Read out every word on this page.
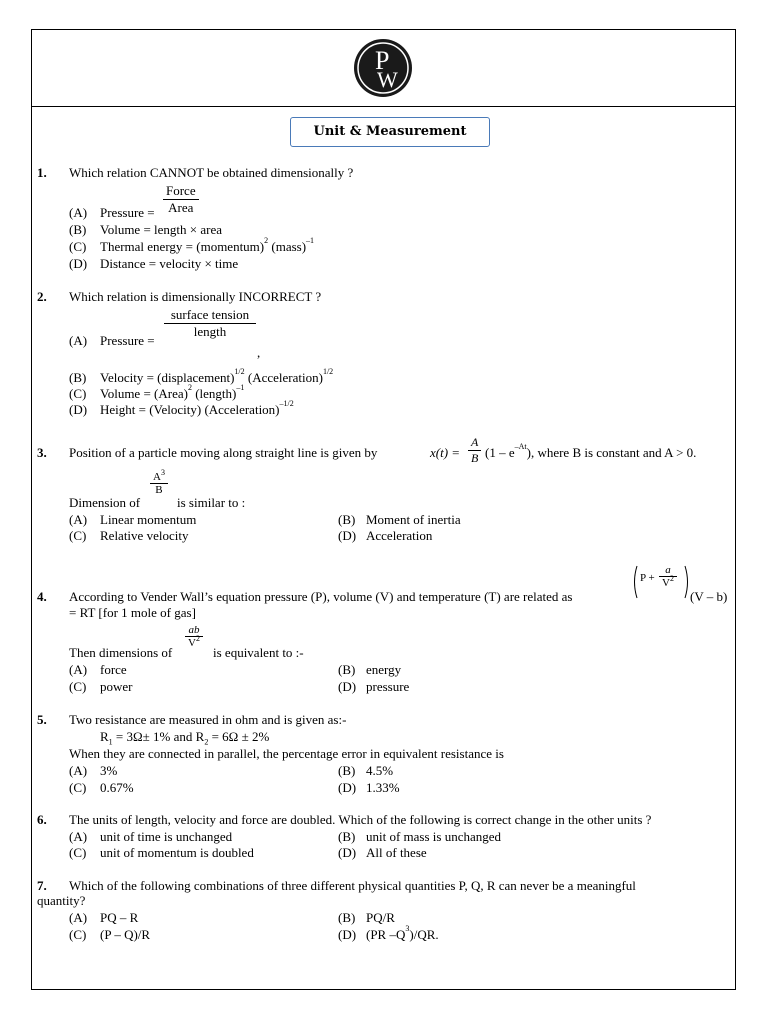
P
W
Unit & Measurement
1. Which relation CANNOT be obtained dimensionally ?
(A) Pressure =
Force
Area
(B) Volume = length × area
(C) Thermal energy = (momentum)$^2$ (mass)$^{-1}$
(D) Distance = velocity × time
2. Which relation is dimensionally INCORRECT ?
(A) Pressure =
surface tension
length
,
(B) Velocity = (displacement)$^{1/2}$ (Acceleration)$^{1/2}$
(C) Volume = (Area)$^2$ (length)$^{-1}$
(D) Height = (Velocity) (Acceleration)$^{-1/2}$
3. Position of a particle moving along straight line is given by	$x(t) = \frac{A}{B} (1 - e^{-At})$, where B is constant and A > 0.
Dimension of
$\frac{A^3}{B}$
is similar to :
(A) Linear momentum	(B) Moment of inertia
(C) Relative velocity	(D) Acceleration
4. According to Vender Wall’s equation pressure (P), volume (V) and temperature (T) are related as
$P + \frac{a}{V^2}$
(V – b)
= RT [for 1 mole of gas]
Then dimensions of
$\frac{ab}{V^2}$
is equivalent to :-
(A) force	(B) energy
(C) power	(D) pressure
5. Two resistance are measured in ohm and is given as:-
$R_1 = 3\Omega\pm 1\%$ and $R_2 = 6\Omega \pm 2\%$
When they are connected in parallel, the percentage error in equivalent resistance is
(A) 3%	(B) 4.5%
(C) 0.67%	(D) 1.33%
6. The units of length, velocity and force are doubled. Which of the following is correct change in the other units ?
(A) unit of time is unchanged	(B) unit of mass is unchanged
(C) unit of momentum is doubled	(D) All of these
7. Which of the following combinations of three different physical quantities P, Q, R can never be a meaningful
quantity?
(A) PQ – R	(B) PQ/R
(C) (P – Q)/R	(D) (PR $-Q^3)/QR$.
